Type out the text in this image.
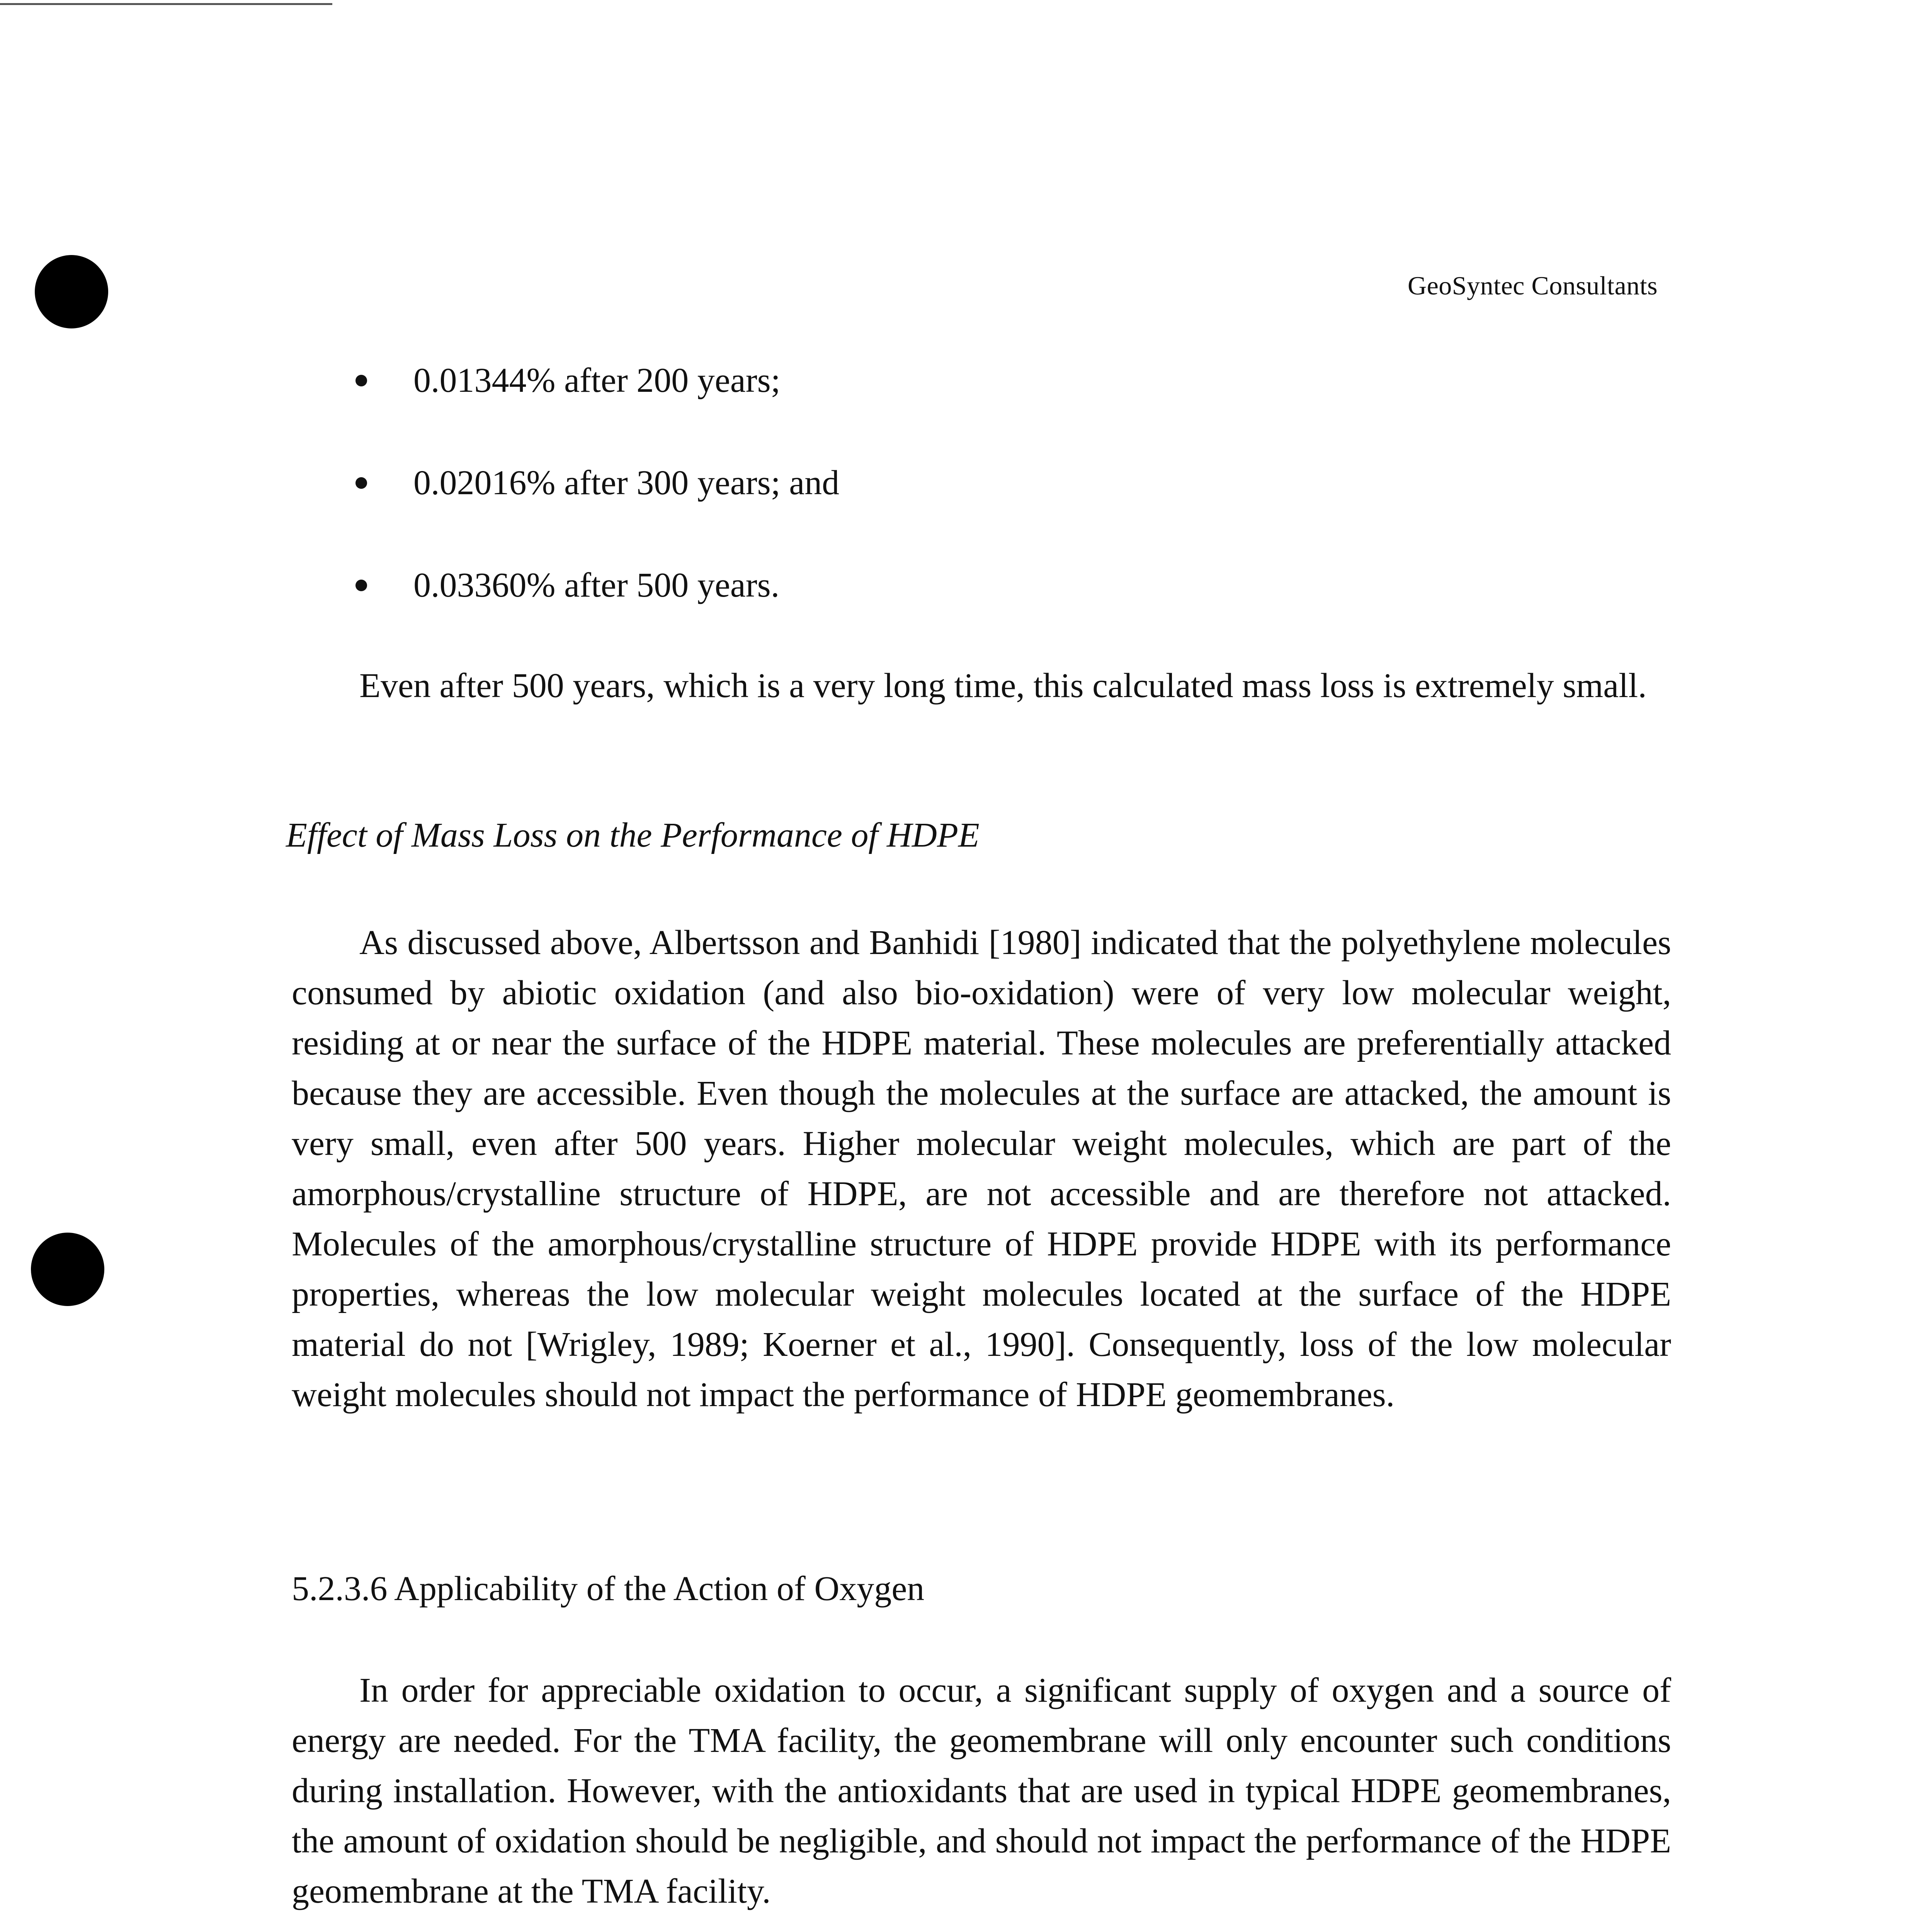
GeoSyntec Consultants
0.01344% after 200 years;
0.02016% after 300 years; and
0.03360% after 500 years.

Even after 500 years, which is a very long time, this calculated mass loss is extremely small.

Effect of Mass Loss on the Performance of HDPE

As discussed above, Albertsson and Banhidi [1980] indicated that the polyethylene molecules consumed by abiotic oxidation (and also bio-oxidation) were of very low molecular weight, residing at or near the surface of the HDPE material. These molecules are preferentially attacked because they are accessible. Even though the molecules at the surface are attacked, the amount is very small, even after 500 years. Higher molecular weight molecules, which are part of the amorphous/crystalline structure of HDPE, are not accessible and are therefore not attacked. Molecules of the amorphous/crystalline structure of HDPE provide HDPE with its performance properties, whereas the low molecular weight molecules located at the surface of the HDPE material do not [Wrigley, 1989; Koerner et al., 1990]. Consequently, loss of the low molecular weight molecules should not impact the performance of HDPE geomembranes.

5.2.3.6 Applicability of the Action of Oxygen

In order for appreciable oxidation to occur, a significant supply of oxygen and a source of energy are needed. For the TMA facility, the geomembrane will only encounter such conditions during installation. However, with the antioxidants that are used in typical HDPE geomembranes, the amount of oxidation should be negligible, and should not impact the performance of the HDPE geomembrane at the TMA facility.
